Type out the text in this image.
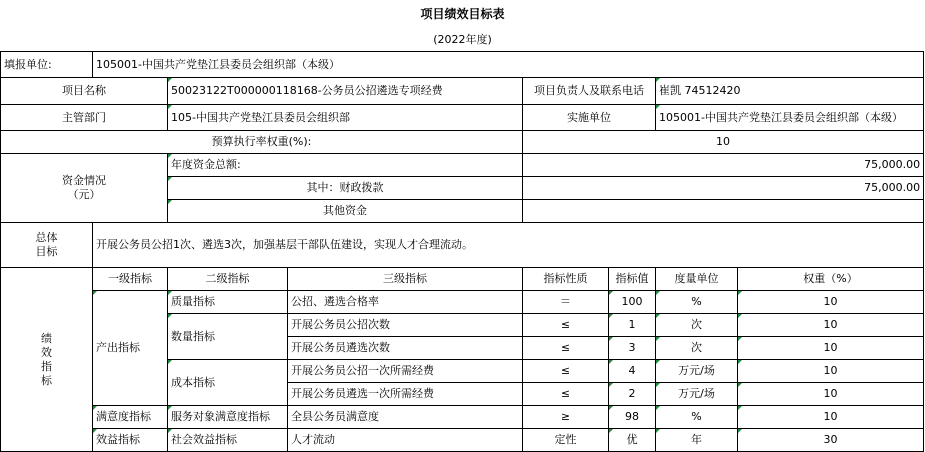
项目绩效目标表
(2022年度)
填报单位:	105001-中国共产党垫江县委员会组织部（本级）						
项目名称		50023122T000000118168-公务员公招遴选专项经费		项目负责人及联系电话		崔凯 74512420	
主管部门		105-中国共产党垫江县委员会组织部		实施单位		105001-中国共产党垫江县委员会组织部（本级）	
预算执行率权重(%):				10			

资金情况
（元）		年度资金总额:		75,000.00			
		其中：财政拨款		75,000.00			
		其他资金					

总体
目标	开展公务员公招1次、遴选3次，加强基层干部队伍建设，实现人才合理流动。						

绩
效
指
标	一级指标	二级指标	三级指标	指标性质	指标值	度量单位	权重（%）
	产出指标	质量指标	公招、遴选合格率	＝	100	%	10
		数量指标	开展公务员公招次数	≤	1	次	10
			开展公务员遴选次数	≤	3	次	10
		成本指标	开展公务员公招一次所需经费	≤	4	万元/场	10
			开展公务员遴选一次所需经费	≤	2	万元/场	10
	满意度指标	服务对象满意度指标	全县公务员满意度	≥	98	%	10
	效益指标	社会效益指标	人才流动	定性	优	年	30
